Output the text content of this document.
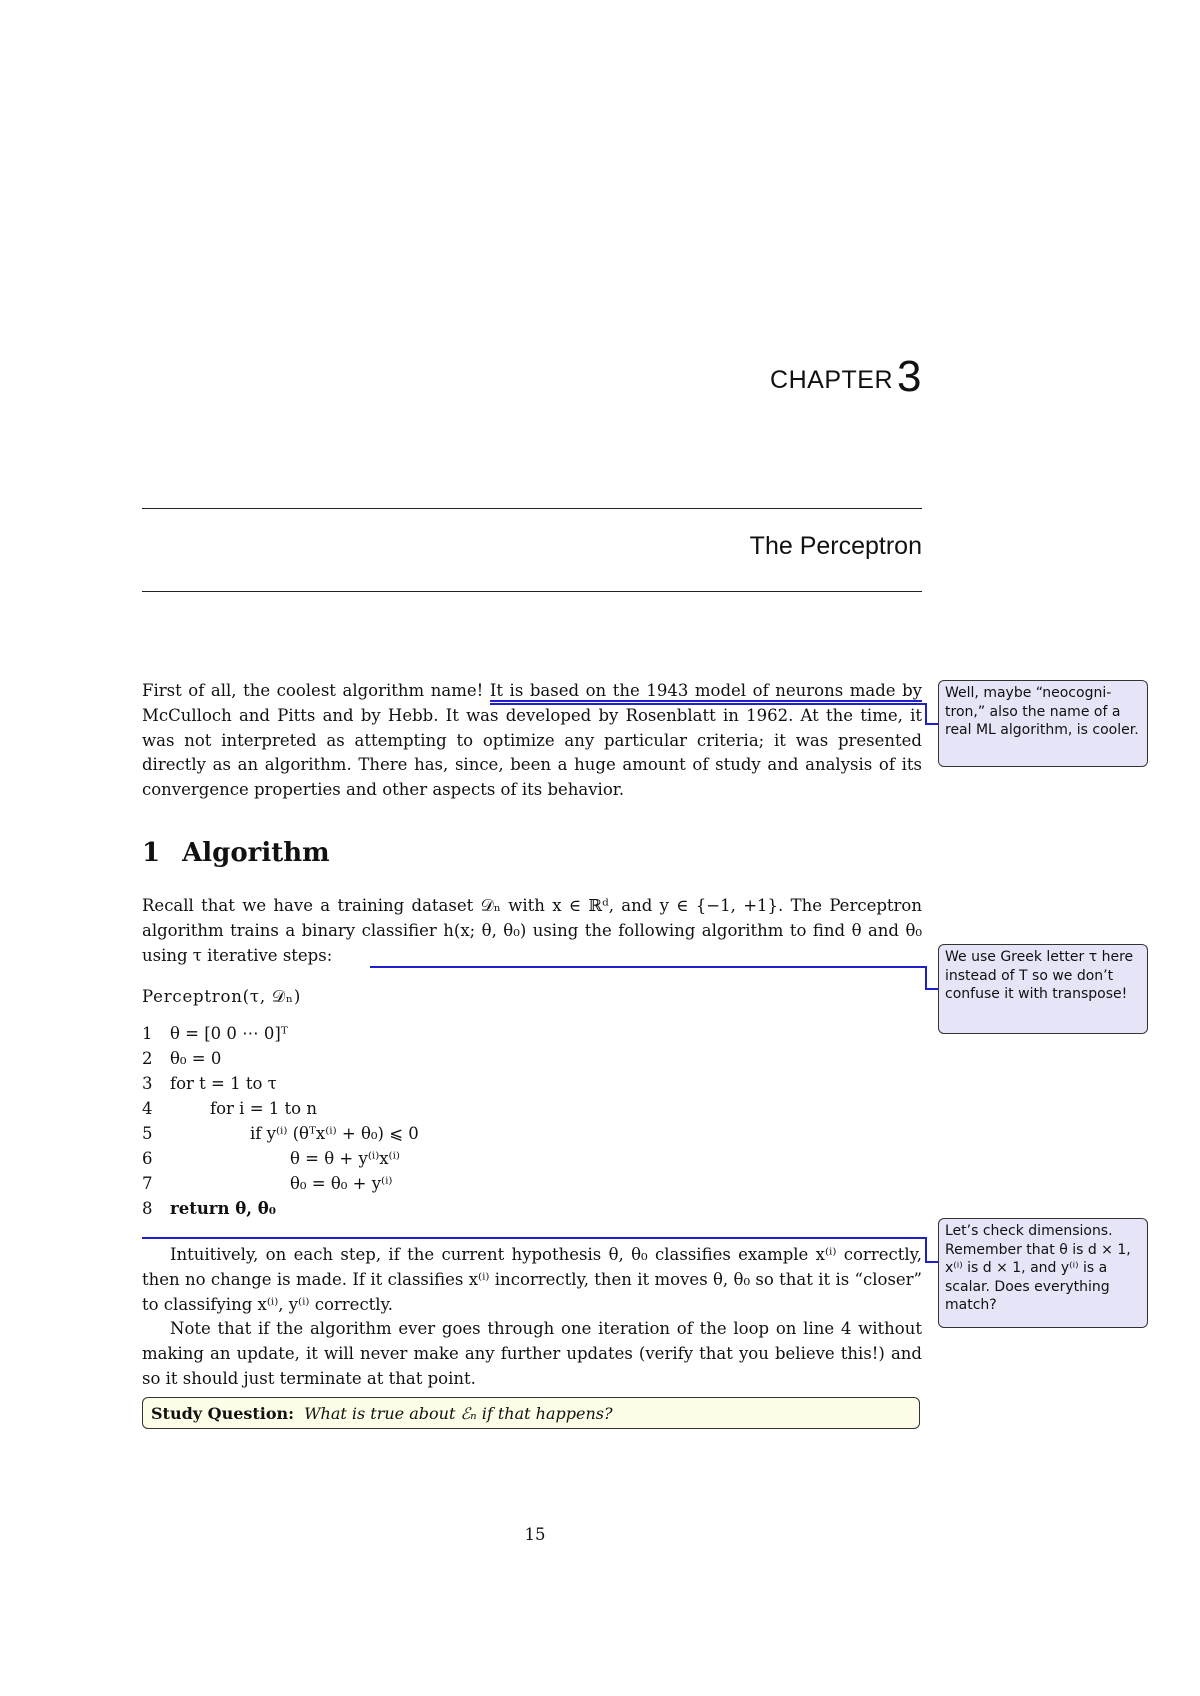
CHAPTER3
The Perceptron

First of all, the coolest algorithm name! It is based on the 1943 model of neurons made by McCulloch and Pitts and by Hebb. It was developed by Rosenblatt in 1962. At the time, it was not interpreted as attempting to optimize any particular criteria; it was presented directly as an algorithm. There has, since, been a huge amount of study and analysis of its convergence properties and other aspects of its behavior.

1 Algorithm
Recall that we have a training dataset 𝒟ₙ with x ∈ ℝᵈ, and y ∈ {−1, +1}. The Perceptron algorithm trains a binary classifier h(x; θ, θ₀) using the following algorithm to find θ and θ₀ using τ iterative steps:
Perceptron(τ, 𝒟ₙ)
1 θ = [0 0 ⋯ 0]ᵀ
2 θ₀ = 0
3 for t = 1 to τ
4	for i = 1 to n
5	if y⁽ⁱ⁾ (θᵀx⁽ⁱ⁾ + θ₀) ⩽ 0
6	θ = θ + y⁽ⁱ⁾x⁽ⁱ⁾
7	θ₀ = θ₀ + y⁽ⁱ⁾
8 return θ, θ₀

Intuitively, on each step, if the current hypothesis θ, θ₀ classifies example x⁽ⁱ⁾ correctly, then no change is made. If it classifies x⁽ⁱ⁾ incorrectly, then it moves θ, θ₀ so that it is “closer” to classifying x⁽ⁱ⁾, y⁽ⁱ⁾ correctly.

Note that if the algorithm ever goes through one iteration of the loop on line 4 without making an update, it will never make any further updates (verify that you believe this!) and so it should just terminate at that point.

Study Question: What is true about ℰₙ if that happens?
Well, maybe “neocogni-tron,” also the name of a real ML algorithm, is cooler.
We use Greek letter τ here instead of T so we don’t confuse it with transpose!
Let’s check dimensions. Remember that θ is d × 1, x⁽ⁱ⁾ is d × 1, and y⁽ⁱ⁾ is a scalar. Does everything match?
15
